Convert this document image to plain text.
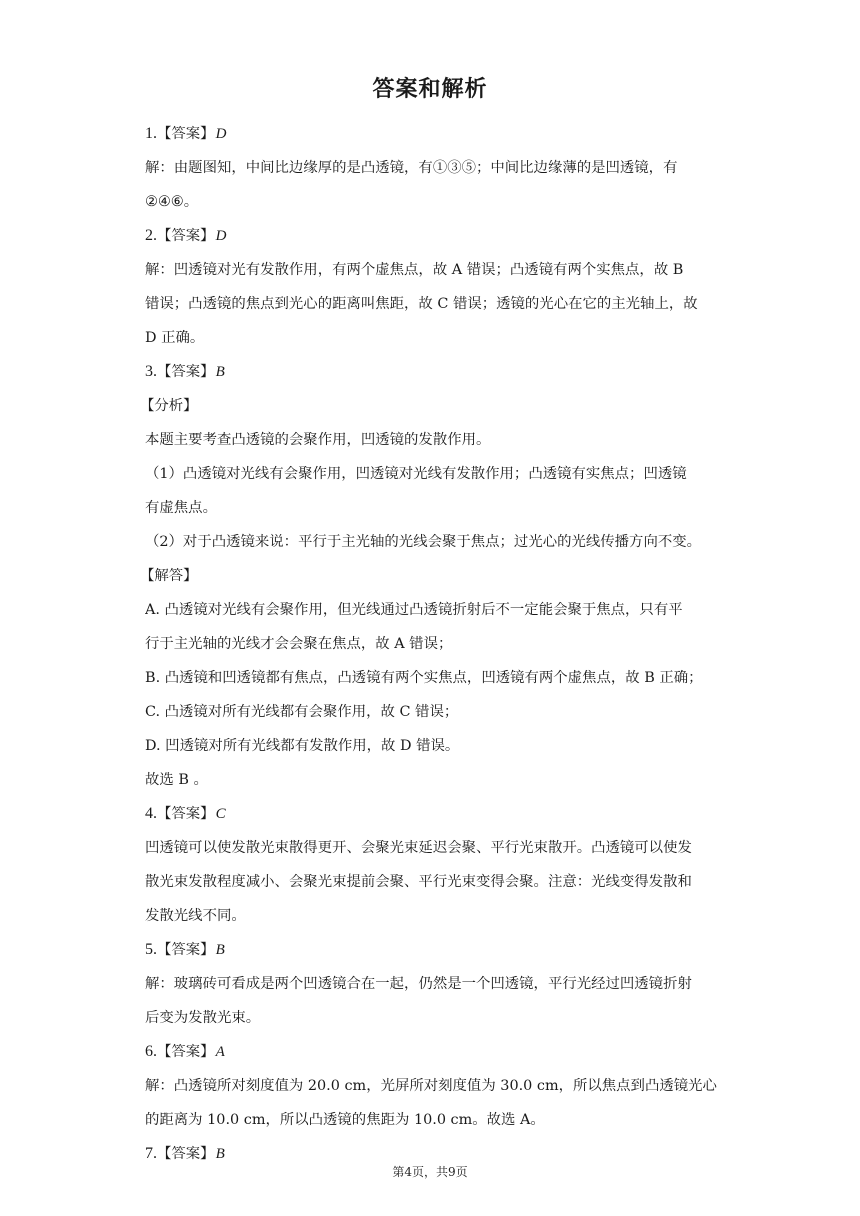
答案和解析
1.【答案】D
解：由题图知，中间比边缘厚的是凸透镜，有①③⑤；中间比边缘薄的是凹透镜，有
②④⑥。
2.【答案】D
解：凹透镜对光有发散作用，有两个虚焦点，故 A 错误；凸透镜有两个实焦点，故 B
错误；凸透镜的焦点到光心的距离叫焦距，故 C 错误；透镜的光心在它的主光轴上，故
D 正确。
3.【答案】B
【分析】
本题主要考查凸透镜的会聚作用，凹透镜的发散作用。
（1）凸透镜对光线有会聚作用，凹透镜对光线有发散作用；凸透镜有实焦点；凹透镜
有虚焦点。
（2）对于凸透镜来说：平行于主光轴的光线会聚于焦点；过光心的光线传播方向不变。
【解答】
A. 凸透镜对光线有会聚作用，但光线通过凸透镜折射后不一定能会聚于焦点，只有平
行于主光轴的光线才会会聚在焦点，故 A 错误；
B. 凸透镜和凹透镜都有焦点，凸透镜有两个实焦点，凹透镜有两个虚焦点，故 B 正确；
C. 凸透镜对所有光线都有会聚作用，故 C 错误；
D. 凹透镜对所有光线都有发散作用，故 D 错误。
故选 B 。
4.【答案】C
凹透镜可以使发散光束散得更开、会聚光束延迟会聚、平行光束散开。凸透镜可以使发
散光束发散程度减小、会聚光束提前会聚、平行光束变得会聚。注意：光线变得发散和
发散光线不同。
5.【答案】B
解：玻璃砖可看成是两个凹透镜合在一起，仍然是一个凹透镜，平行光经过凹透镜折射
后变为发散光束。
6.【答案】A
解：凸透镜所对刻度值为 20.0 cm，光屏所对刻度值为 30.0 cm，所以焦点到凸透镜光心
的距离为 10.0 cm，所以凸透镜的焦距为 10.0 cm。故选 A。
7.【答案】B
第4页，共9页
